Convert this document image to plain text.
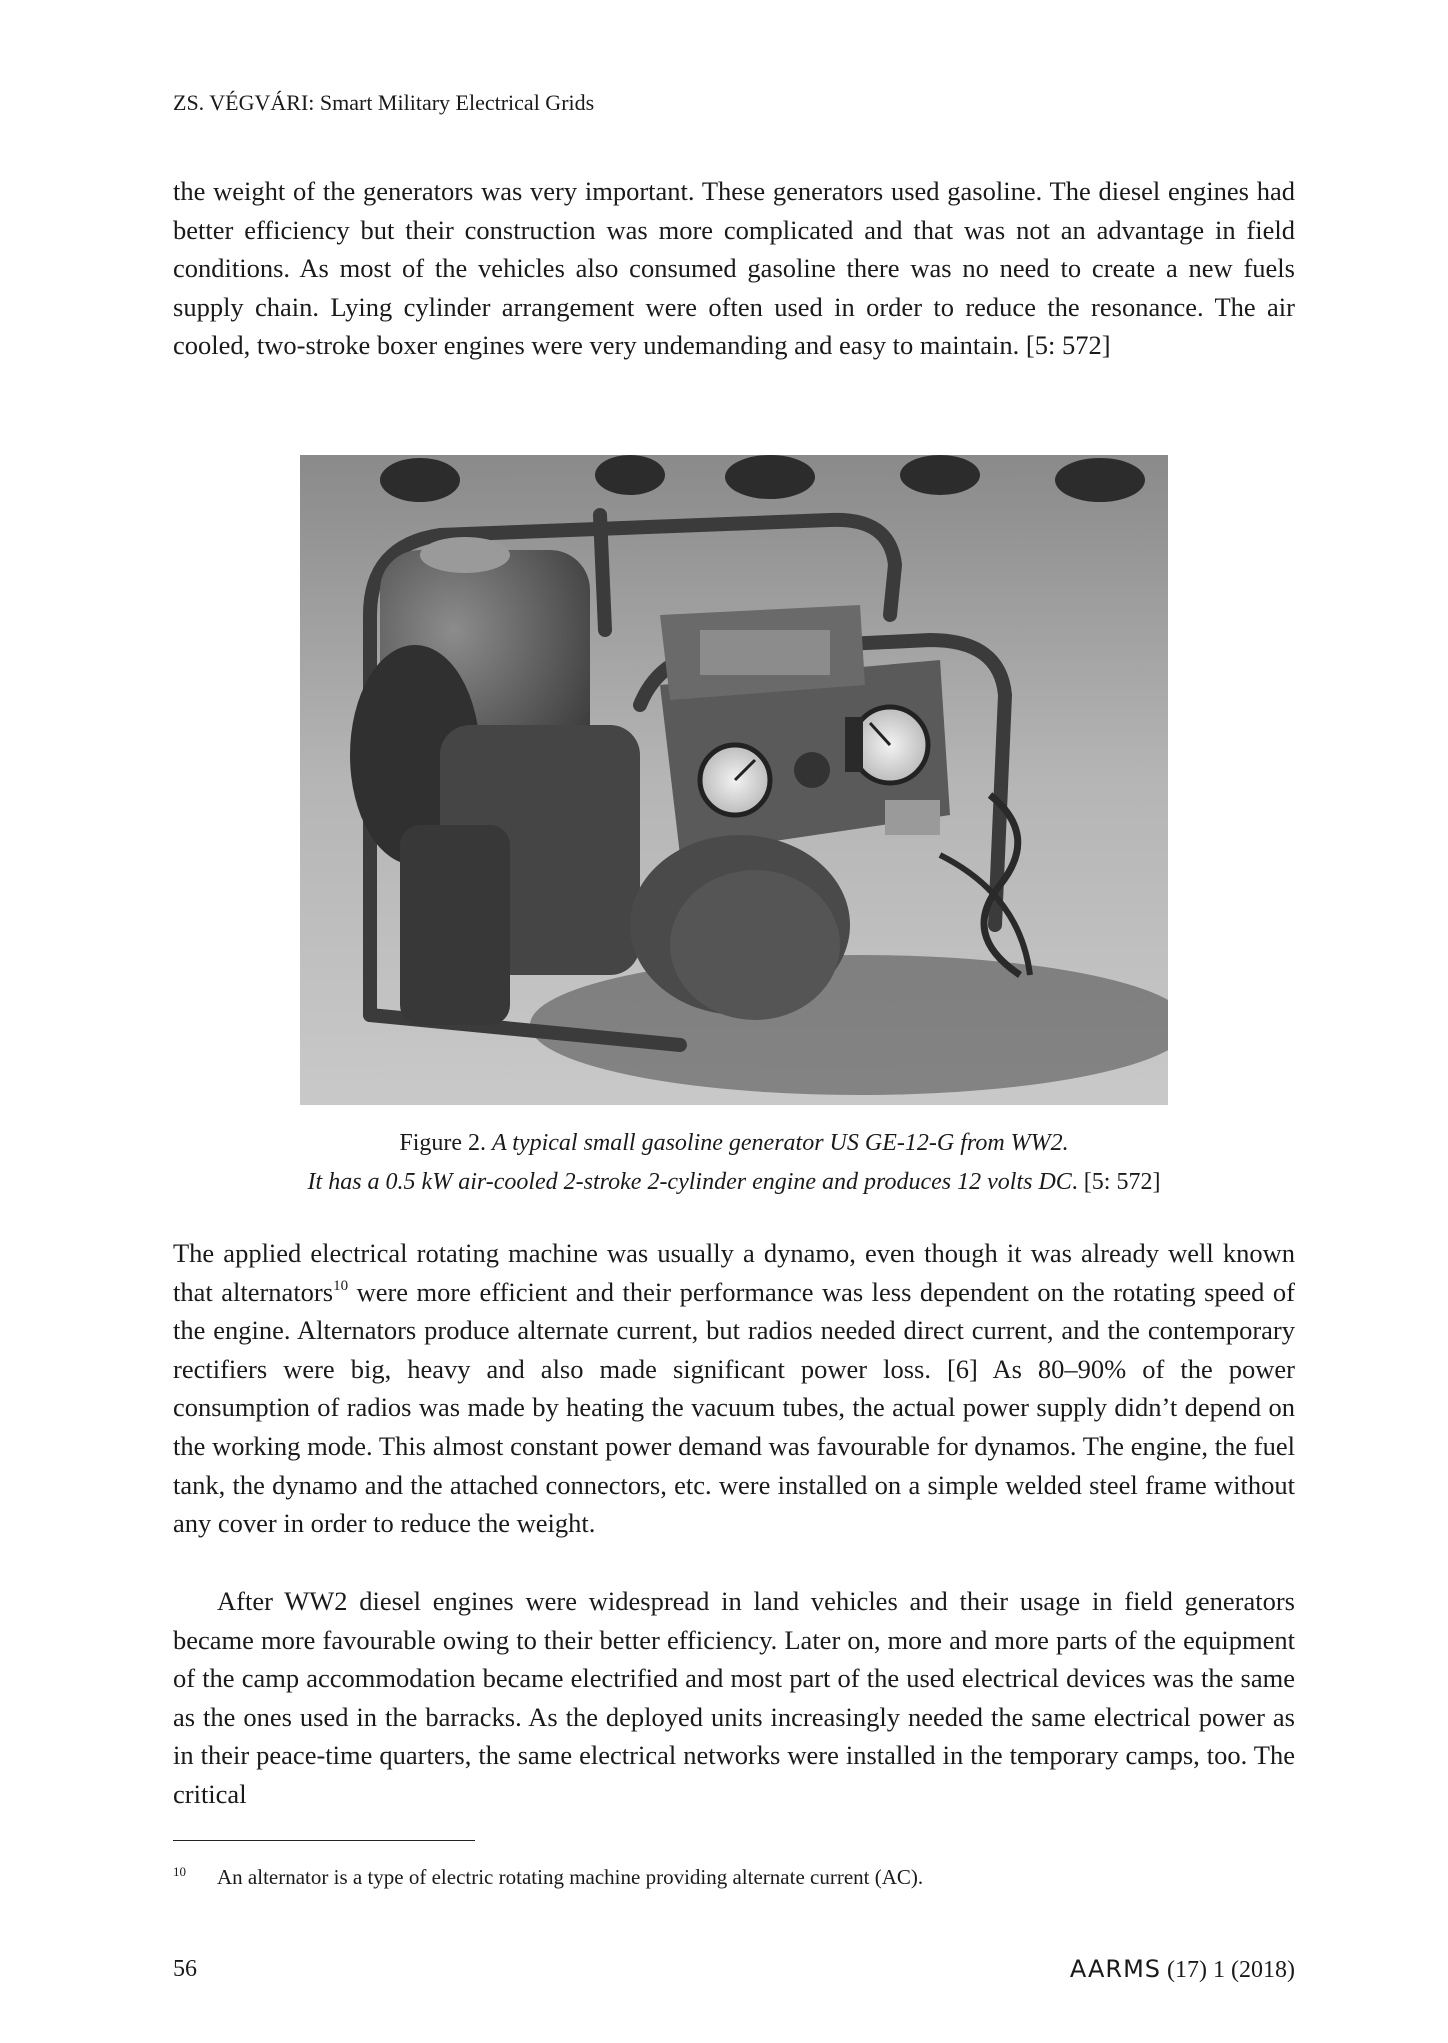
ZS. VÉGVÁRI: Smart Military Electrical Grids

the weight of the generators was very important. These generators used gasoline. The diesel engines had better efficiency but their construction was more complicated and that was not an advantage in field conditions. As most of the vehicles also consumed gasoline there was no need to create a new fuels supply chain. Lying cylinder arrangement were often used in order to reduce the resonance. The air cooled, two-stroke boxer engines were very undemanding and easy to maintain. [5: 572]

Figure 2. A typical small gasoline generator US GE-12-G from WW2.
It has a 0.5 kW air-cooled 2-stroke 2-cylinder engine and produces 12 volts DC. [5: 572]

The applied electrical rotating machine was usually a dynamo, even though it was already well known that alternators$^{10}$ were more efficient and their performance was less dependent on the rotating speed of the engine. Alternators produce alternate current, but radios needed direct current, and the contemporary rectifiers were big, heavy and also made significant power loss. [6] As 80–90% of the power consumption of radios was made by heating the vacuum tubes, the actual power supply didn’t depend on the working mode. This almost constant power demand was favourable for dynamos. The engine, the fuel tank, the dynamo and the attached connectors, etc. were installed on a simple welded steel frame without any cover in order to reduce the weight.

After WW2 diesel engines were widespread in land vehicles and their usage in field generators became more favourable owing to their better efficiency. Later on, more and more parts of the equipment of the camp accommodation became electrified and most part of the used electrical devices was the same as the ones used in the barracks. As the deployed units increasingly needed the same electrical power as in their peace-time quarters, the same electrical networks were installed in the temporary camps, too. The critical

10 An alternator is a type of electric rotating machine providing alternate current (AC).
56	AARMS (17) 1 (2018)
